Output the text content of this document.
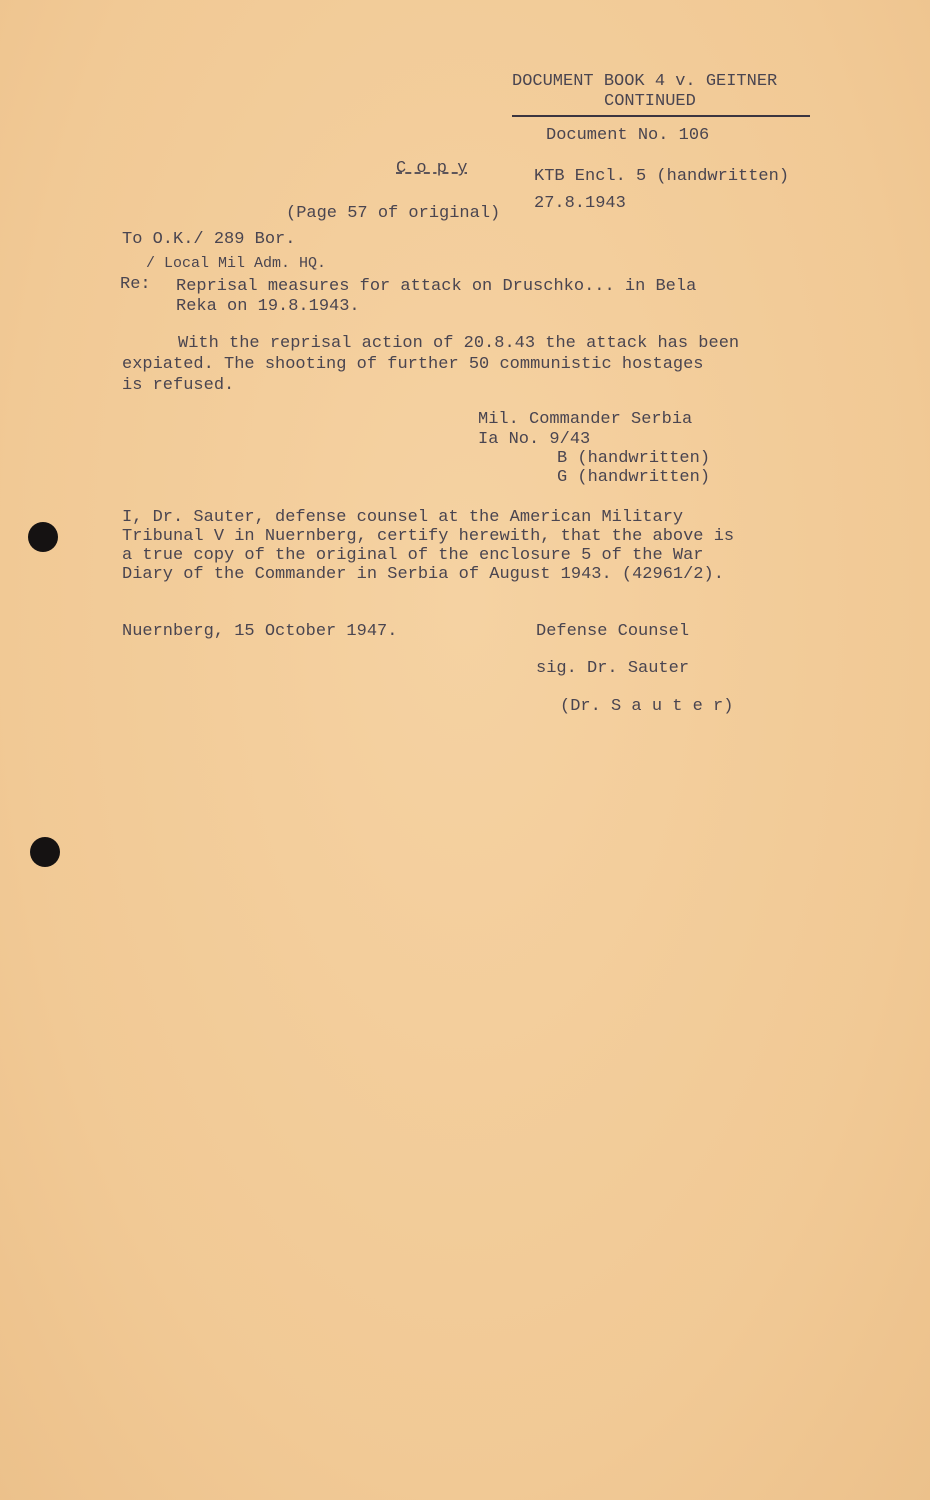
DOCUMENT BOOK 4 v. GEITNER
CONTINUED
Document No. 106
C o p y	KTB Encl. 5 (handwritten)
(Page 57 of original)
27.8.1943
To O.K./ 289 Bor.
/ Local Mil Adm. HQ.
Re: Reprisal measures for attack on Druschko... in Bela
Reka on 19.8.1943.
With the reprisal action of 20.8.43 the attack has been
expiated. The shooting of further 50 communistic hostages
is refused.
Mil. Commander Serbia
Ia No. 9/43
B (handwritten)
G (handwritten)
I, Dr. Sauter, defense counsel at the American Military
Tribunal V in Nuernberg, certify herewith, that the above is
a true copy of the original of the enclosure 5 of the War
Diary of the Commander in Serbia of August 1943. (42961/2).
Nuernberg, 15 October 1947.	Defense Counsel
sig. Dr. Sauter
(Dr. S a u t e r)
